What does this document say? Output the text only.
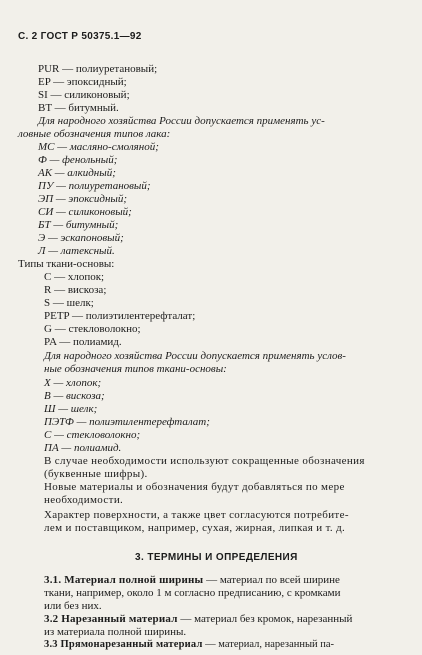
С. 2 ГОСТ Р 50375.1—92
PUR — полиуретановый;
EP — эпоксидный;
SI — силиконовый;
BT — битумный.
Для народного хозяйства России допускается применять ус-
ловные обозначения типов лака:
МС — масляно-смоляной;
Ф — фенольный;
АК — алкидный;
ПУ — полиуретановый;
ЭП — эпоксидный;
СИ — силиконовый;
БТ — битумный;
Э — эскапоновый;
Л — латексный.
Типы ткани-основы:
С — хлопок;
R — вискоза;
S — шелк;
PETP — полиэтилентерефталат;
G — стекловолокно;
PA — полиамид.
Для народного хозяйства России допускается применять услов-
ные обозначения типов ткани-основы:
Х — хлопок;
В — вискоза;
Ш — шелк;
ПЭТФ — полиэтилентерефталат;
С — стекловолокно;
ПА — полиамид.
В случае необходимости используют сокращенные обозначения
(буквенные шифры).
Новые материалы и обозначения будут добавляться по мере
необходимости.
Характер поверхности, а также цвет согласуются потребите-
лем и поставщиком, например, сухая, жирная, липкая и т. д.
3. ТЕРМИНЫ И ОПРЕДЕЛЕНИЯ
3.1. Материал полной ширины — материал по всей ширине
ткани, например, около 1 м согласно предписанию, с кромками
или без них.
3.2 Нарезанный материал — материал без кромок, нарезанный
из материала полной ширины.
3.3 Прямонарезанный материал — материал, нарезанный па-
